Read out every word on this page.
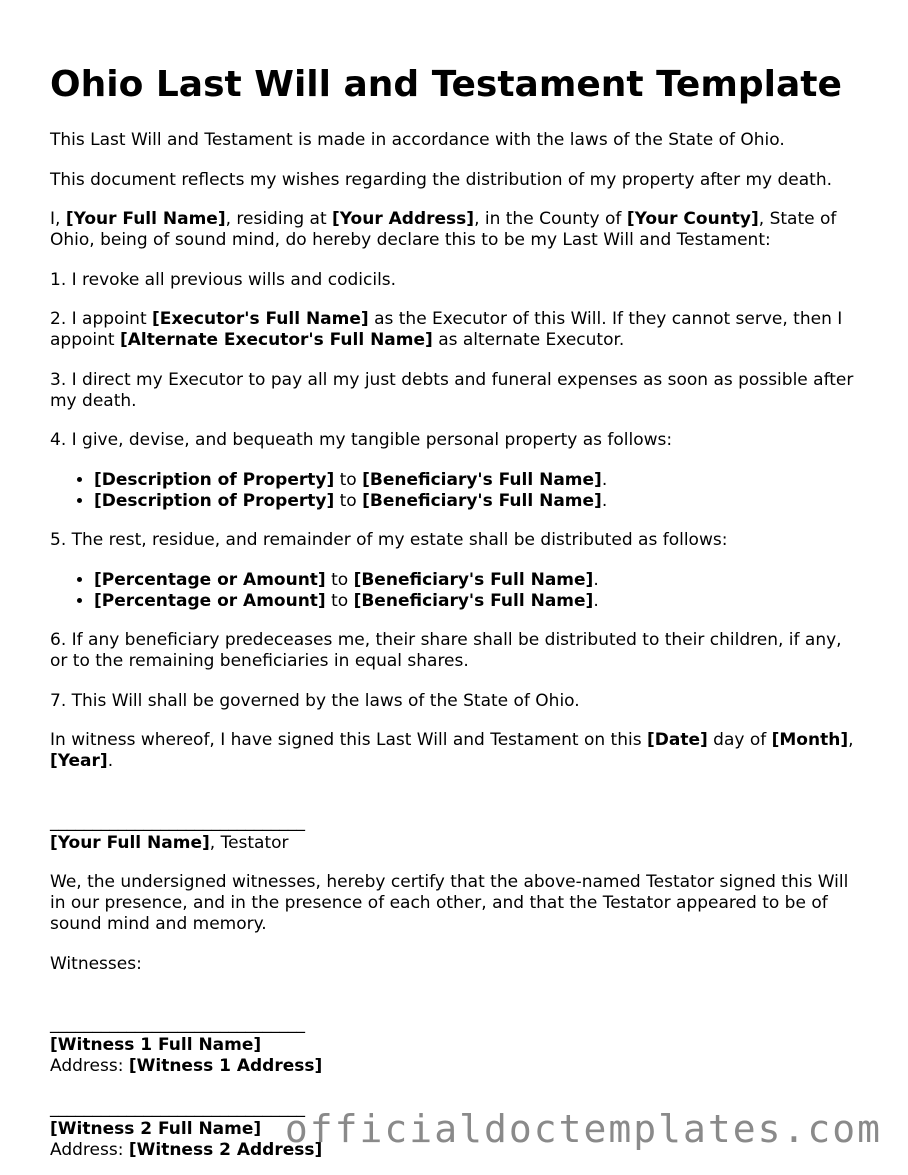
Ohio Last Will and Testament Template

This Last Will and Testament is made in accordance with the laws of the State of Ohio.

This document reflects my wishes regarding the distribution of my property after my death.

I, [Your Full Name], residing at [Your Address], in the County of [Your County], State of Ohio, being of sound mind, do hereby declare this to be my Last Will and Testament:

1. I revoke all previous wills and codicils.

2. I appoint [Executor's Full Name] as the Executor of this Will. If they cannot serve, then I appoint [Alternate Executor's Full Name] as alternate Executor.

3. I direct my Executor to pay all my just debts and funeral expenses as soon as possible after my death.

4. I give, devise, and bequeath my tangible personal property as follows:

• [Description of Property] to [Beneficiary's Full Name].
• [Description of Property] to [Beneficiary's Full Name].

5. The rest, residue, and remainder of my estate shall be distributed as follows:

• [Percentage or Amount] to [Beneficiary's Full Name].
• [Percentage or Amount] to [Beneficiary's Full Name].

6. If any beneficiary predeceases me, their share shall be distributed to their children, if any, or to the remaining beneficiaries in equal shares.

7. This Will shall be governed by the laws of the State of Ohio.

In witness whereof, I have signed this Last Will and Testament on this [Date] day of [Month], [Year].

______________________________
[Your Full Name], Testator

We, the undersigned witnesses, hereby certify that the above-named Testator signed this Will in our presence, and in the presence of each other, and that the Testator appeared to be of sound mind and memory.

Witnesses:

______________________________
[Witness 1 Full Name]
Address: [Witness 1 Address]
______________________________
[Witness 2 Full Name]
Address: [Witness 2 Address]
officialdoctemplates.com
